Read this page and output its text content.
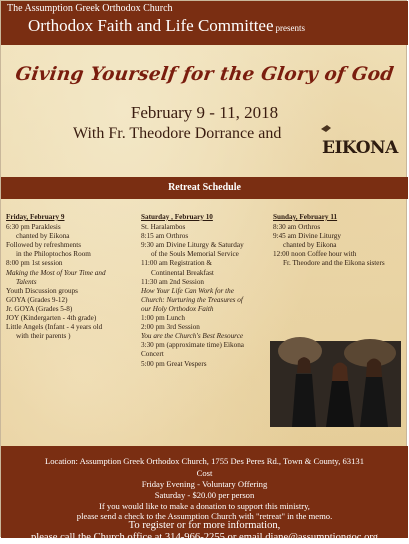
The Assumption Greek Orthodox Church
Orthodox Faith and Life Committee presents
Giving Yourself for the Glory of God
February 9 - 11, 2018
With Fr. Theodore Dorrance and
EIKONA
Retreat Schedule
Friday, February 9
6:30 pm Paraklesis
chanted by Eikona
Followed by refreshments
in the Philoptochos Room
8:00 pm 1st session
Making the Most of Your Time and
Talents
Youth Discussion groups
GOYA (Grades 9-12)
Jr. GOYA (Grades 5-8)
JOY (Kindergarten - 4th grade)
Little Angels (Infant - 4 years old
with their parents )
Saturday , February 10
St. Haralambos
8:15 am Orthros
9:30 am Divine Liturgy & Saturday
of the Souls Memorial Service
11:00 am Registration &
Continental Breakfast
11:30 am 2nd Session
How Your Life Can Work for the
Church: Nurturing the Treasures of
our Holy Orthodox Faith
1:00 pm Lunch
2:00 pm 3rd Session
You are the Church's Best Resource
3:30 pm (approximate time) Eikona
Concert
5:00 pm Great Vespers
Sunday, February 11
8:30 am Orthros
9:45 am Divine Liturgy
chanted by Eikona
12:00 noon Coffee hour with
Fr. Theodore and the Eikona sisters
Location: Assumption Greek Orthodox Church, 1755 Des Peres Rd., Town & County, 63131
Cost
Friday Evening - Voluntary Offering
Saturday - $20.00 per person
If you would like to make a donation to support this ministry,
please send a check to the Assumption Church with "retreat" in the memo.
To register or for more information,
please call the Church office at 314-966-2255 or email diane@assumptiongoc.org
